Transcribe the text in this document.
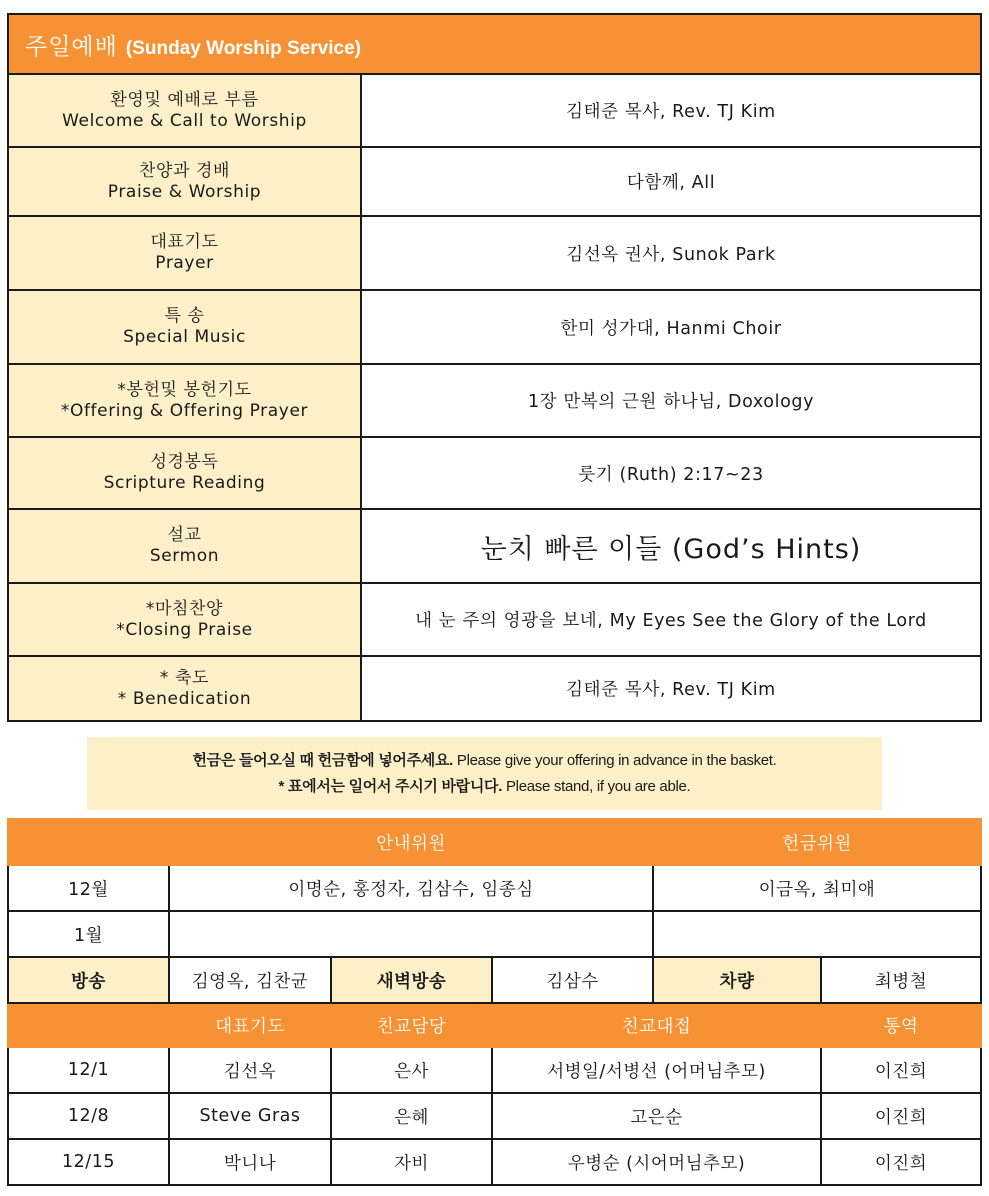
주일예배 (Sunday Worship Service)	

환영및 예배로 부름
Welcome & Call to Worship	김태준 목사, Rev. TJ Kim

찬양과 경배
Praise & Worship	다함께, All

대표기도
Prayer	김선옥 권사, Sunok Park

특 송
Special Music	한미 성가대, Hanmi Choir

*봉헌및 봉헌기도
*Offering & Offering Prayer	1장 만복의 근원 하나님, Doxology

성경봉독
Scripture Reading	룻기 (Ruth) 2:17~23

설교
Sermon	눈치 빠른 이들 (God’s Hints)

*마침찬양
*Closing Praise	내 눈 주의 영광을 보네, My Eyes See the Glory of the Lord

* 축도
* Benedication	김태준 목사, Rev. TJ Kim
헌금은 들어오실 때 헌금함에 넣어주세요. Please give your offering in advance in the basket.
* 표에서는 일어서 주시기 바랍니다. Please stand, if you are able.
	안내위원			헌금위원	
12월	이명순, 홍정자, 김삼수, 임종심			이금옥, 최미애	
1월					
방송	김영옥, 김찬균	새벽방송	김삼수	차량	최병철
	대표기도	친교담당	친교대접		통역
12/1	김선옥	은사	서병일/서병선 (어머님추모)		이진희
12/8	Steve Gras	은혜	고은순		이진희
12/15	박니나	자비	우병순 (시어머님추모)		이진희
